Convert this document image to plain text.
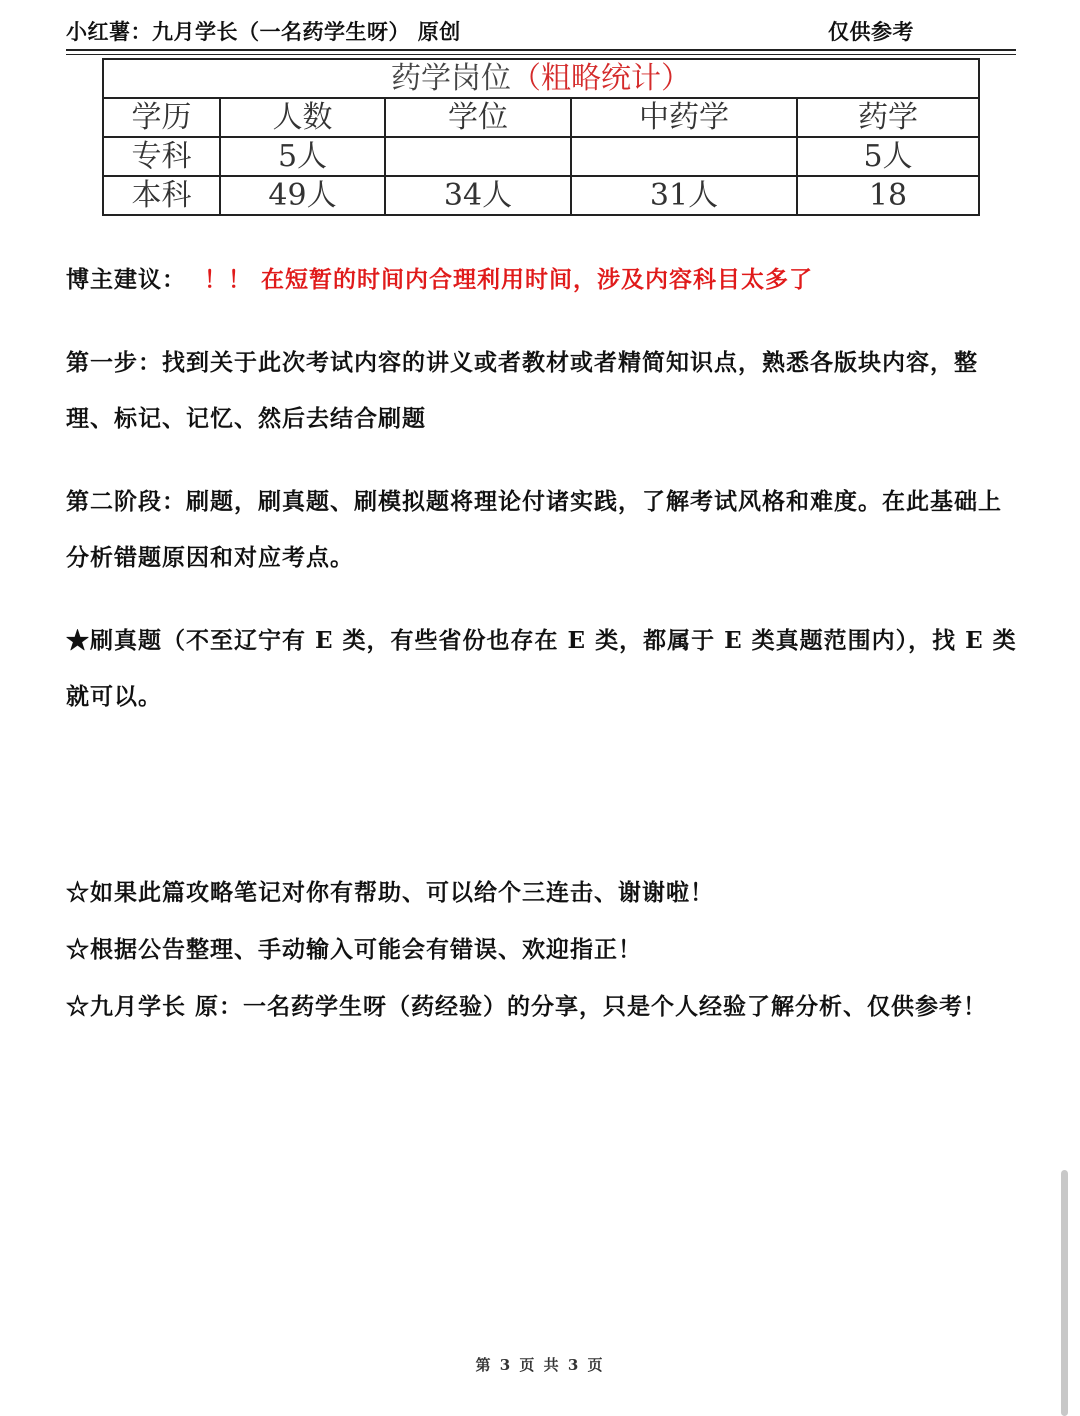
小红薯：九月学长（一名药学生呀） 原创	仅供参考
药学岗位（粗略统计）				
学历	人数	学位	中药学	药学
专科	5人			5人
本科	49人	34人	31人	18
博主建议： ！！ 在短暂的时间内合理利用时间，涉及内容科目太多了
第一步：找到关于此次考试内容的讲义或者教材或者精简知识点，熟悉各版块内容，整理、标记、记忆、然后去结合刷题
第二阶段：刷题，刷真题、刷模拟题将理论付诸实践，了解考试风格和难度。在此基础上分析错题原因和对应考点。
★刷真题（不至辽宁有 E 类，有些省份也存在 E 类，都属于 E 类真题范围内），找 E 类就可以。
☆如果此篇攻略笔记对你有帮助、可以给个三连击、谢谢啦！
☆根据公告整理、手动输入可能会有错误、欢迎指正！
☆九月学长 原：一名药学生呀（药经验）的分享，只是个人经验了解分析、仅供参考！
第 3 页 共 3 页
